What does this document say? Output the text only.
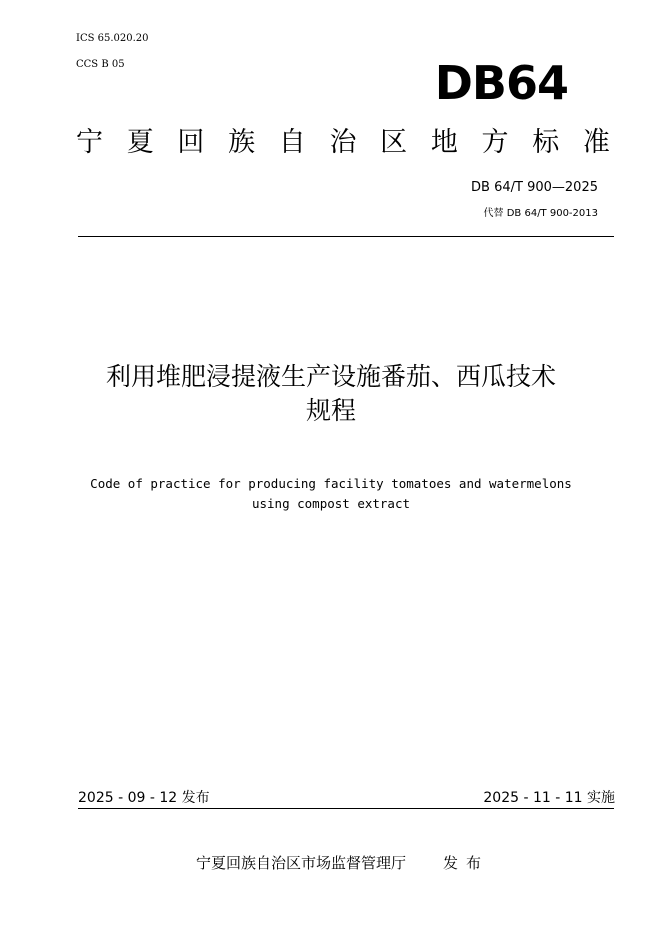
ICS 65.020.20
CCS B 05	DB64
宁 夏 回 族 自 治 区 地 方 标 准
DB 64/T 900—2025
代替 DB 64/T 900-2013
利用堆肥浸提液生产设施番茄、西瓜技术
规程
Code of practice for producing facility tomatoes and watermelons
using compost extract
2025 - 09 - 12 发布	2025 - 11 - 11 实施
宁夏回族自治区市场监督管理厅 发布
